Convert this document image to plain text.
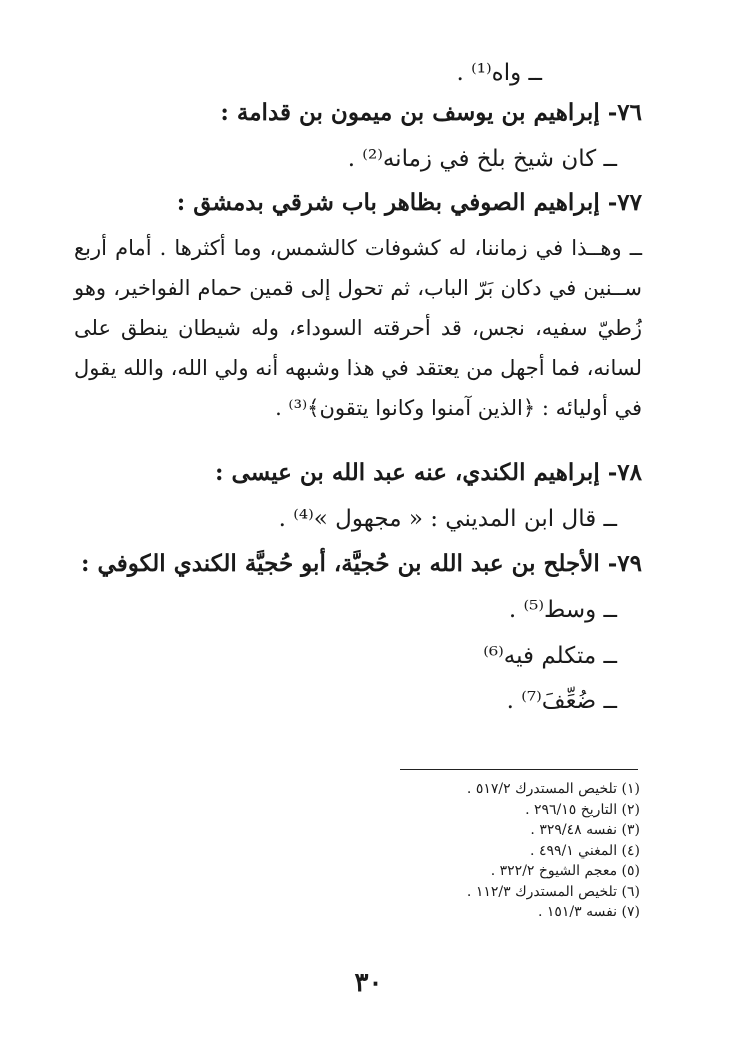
ــ واه⁽¹⁾ .
٧٦- إبراهيم بن يوسف بن ميمون بن قدامة :
ــ كان شيخ بلخ في زمانه⁽²⁾ .
٧٧- إبراهيم الصوفي بظاهر باب شرقي بدمشق :
ــ وهــذا في زماننا، له كشوفات كالشمس، وما أكثرها . أمام أربع ســنين في دكان بَرّ الباب، ثم تحول إلى قمين حمام الفواخير، وهو زُطيّ سفيه، نجس، قد أحرقته السوداء، وله شيطان ينطق على لسانه، فما أجهل من يعتقد في هذا وشبهه أنه ولي الله، والله يقول في أوليائه : ﴿الذين آمنوا وكانوا يتقون﴾⁽³⁾ .
٧٨- إبراهيم الكندي، عنه عبد الله بن عيسى :
ــ قال ابن المديني : « مجهول »⁽⁴⁾ .
٧٩- الأجلح بن عبد الله بن حُجيَّة، أبو حُجيَّة الكندي الكوفي :
ــ وسط⁽⁵⁾ .
ــ متكلم فيه⁽⁶⁾
ــ ضُعِّفَ⁽⁷⁾ .
(١) تلخيص المستدرك ٥١٧/٢ .
(٢) التاريخ ٢٩٦/١٥ .
(٣) نفسه ٣٢٩/٤٨ .
(٤) المغني ٤٩٩/١ .
(٥) معجم الشيوخ ٣٢٢/٢ .
(٦) تلخيص المستدرك ١١٢/٣ .
(٧) نفسه ١٥١/٣ .
٣٠
